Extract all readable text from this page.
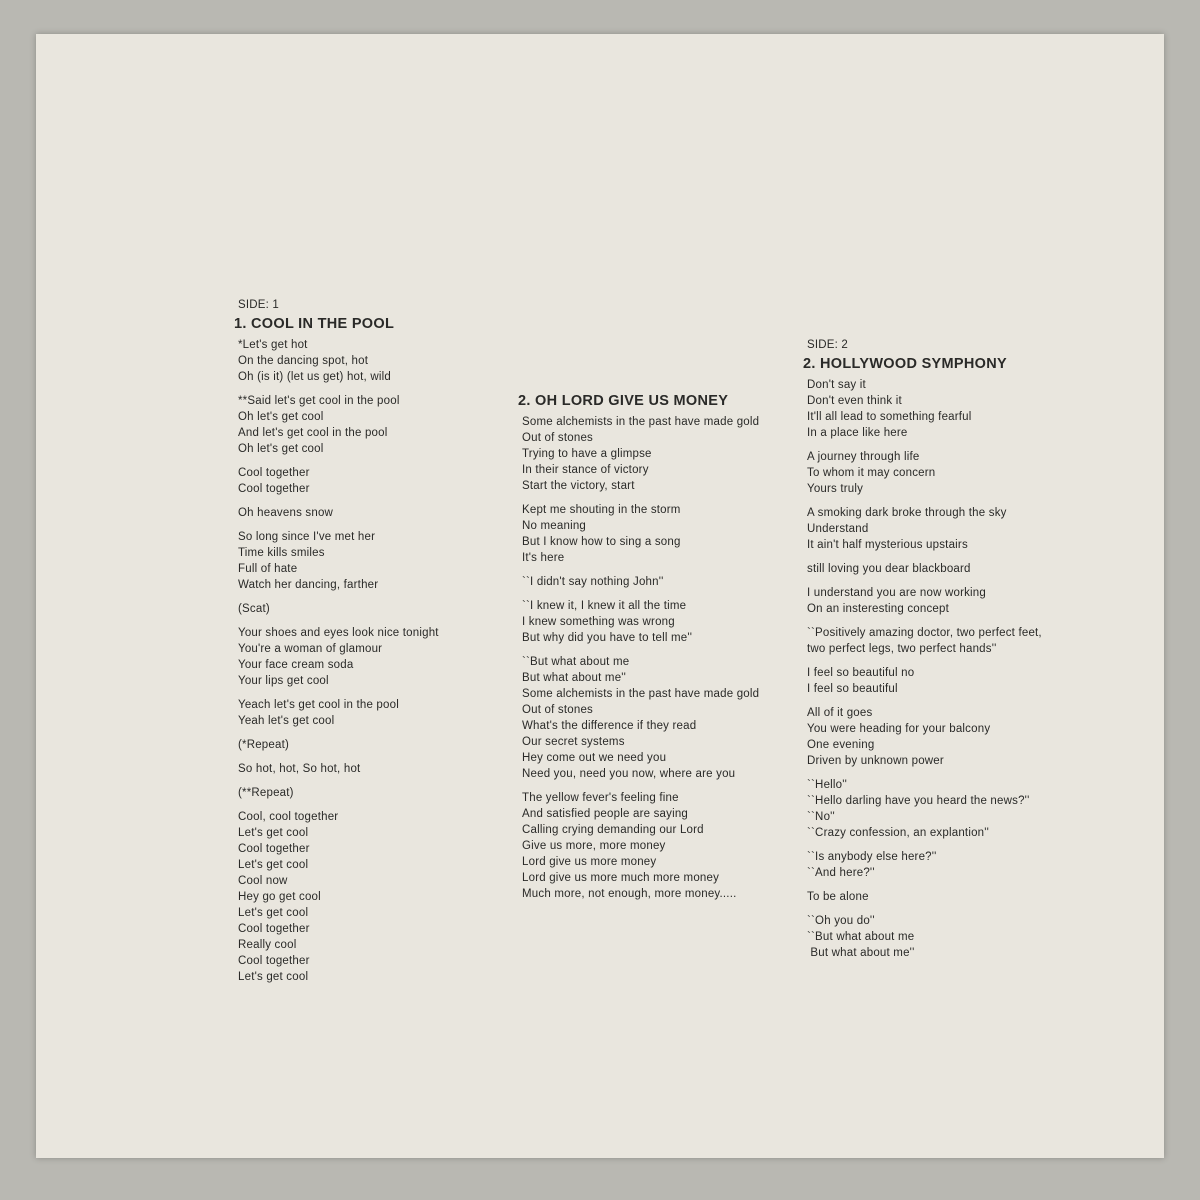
SIDE: 1
1. COOL IN THE POOL
*Let's get hot
On the dancing spot, hot
Oh (is it) (let us get) hot, wild
**Said let's get cool in the pool
Oh let's get cool
And let's get cool in the pool
Oh let's get cool
Cool together
Cool together
Oh heavens snow
So long since I've met her
Time kills smiles
Full of hate
Watch her dancing, farther
(Scat)
Your shoes and eyes look nice tonight
You're a woman of glamour
Your face cream soda
Your lips get cool
Yeach let's get cool in the pool
Yeah let's get cool
(*Repeat)
So hot, hot, So hot, hot
(**Repeat)
Cool, cool together
Let's get cool
Cool together
Let's get cool
Cool now
Hey go get cool
Let's get cool
Cool together
Really cool
Cool together
Let's get cool
2. OH LORD GIVE US MONEY
Some alchemists in the past have made gold
Out of stones
Trying to have a glimpse
In their stance of victory
Start the victory, start
Kept me shouting in the storm
No meaning
But I know how to sing a song
It's here
``I didn't say nothing John''
``I knew it, I knew it all the time
I knew something was wrong
But why did you have to tell me''
``But what about me
But what about me''
Some alchemists in the past have made gold
Out of stones
What's the difference if they read
Our secret systems
Hey come out we need you
Need you, need you now, where are you
The yellow fever's feeling fine
And satisfied people are saying
Calling crying demanding our Lord
Give us more, more money
Lord give us more money
Lord give us more much more money
Much more, not enough, more money.....
SIDE: 2
2. HOLLYWOOD SYMPHONY
Don't say it
Don't even think it
It'll all lead to something fearful
In a place like here
A journey through life
To whom it may concern
Yours truly
A smoking dark broke through the sky
Understand
It ain't half mysterious upstairs
still loving you dear blackboard
I understand you are now working
On an insteresting concept
``Positively amazing doctor, two perfect feet,
two perfect legs, two perfect hands''
I feel so beautiful no
I feel so beautiful
All of it goes
You were heading for your balcony
One evening
Driven by unknown power
``Hello''
``Hello darling have you heard the news?''
``No''
``Crazy confession, an explantion''
``Is anybody else here?''
``And here?''
To be alone
``Oh you do''
``But what about me
But what about me''
